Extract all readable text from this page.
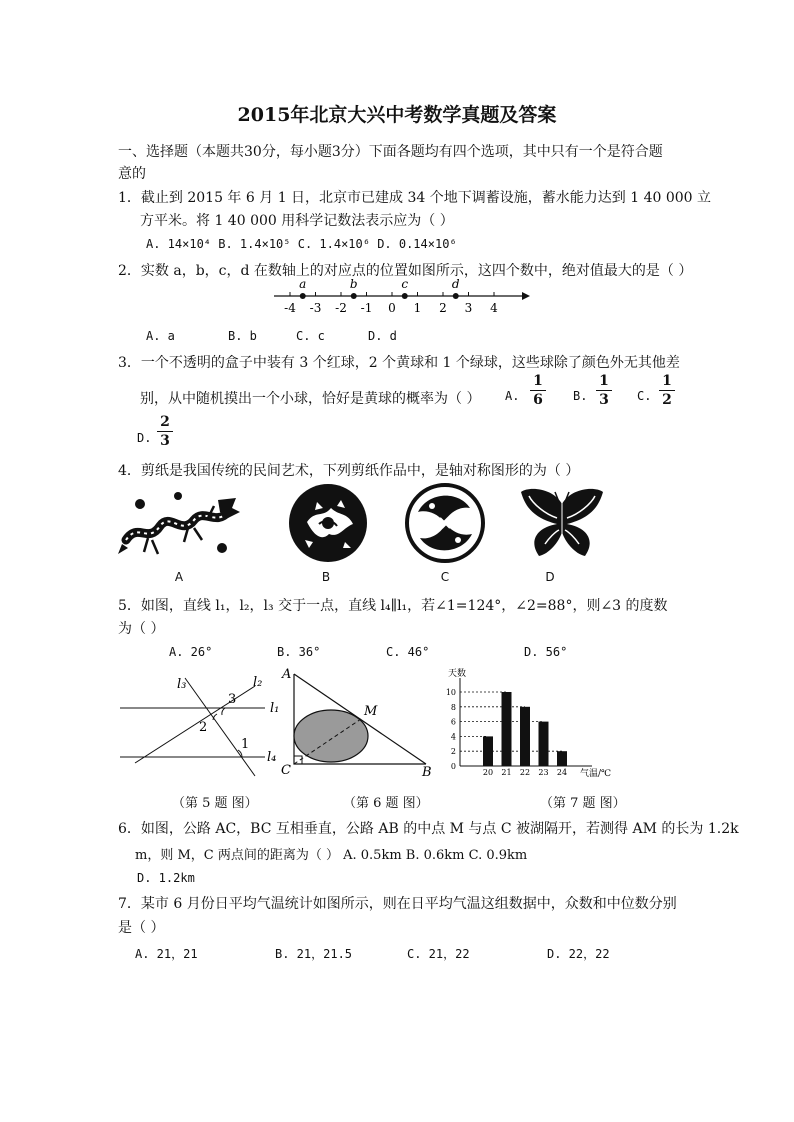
2015年北京大兴中考数学真题及答案
一、选择题（本题共30分，每小题3分）下面各题均有四个选项，其中只有一个是符合题
意的
1．截止到 2015 年 6 月 1 日，北京市已建成 34 个地下调蓄设施，蓄水能力达到 1 40 000 立
方平米。将 1 40 000 用科学记数法表示应为（ ）
A. 14×10⁴ B. 1.4×10⁵ C. 1.4×10⁶ D. 0.14×10⁶
2．实数 a，b，c，d 在数轴上的对应点的位置如图所示，这四个数中，绝对值最大的是（ ）
-4 -3 -2 -1 0 1 2 3 4
a	b	c	d
A. a	B. b	C. c	D. d
3．一个不透明的盒子中装有 3 个红球，2 个黄球和 1 个绿球，这些球除了颜色外无其他差
别，从中随机摸出一个小球，恰好是黄球的概率为（ ） A.
1
6	B.
1
3 C.
1
2
D.
2
3
4．剪纸是我国传统的民间艺术，下列剪纸作品中，是轴对称图形的为（ ）
A	B	C	D
5．如图，直线 l₁，l₂，l₃ 交于一点，直线 l₄∥l₁，若∠1=124°，∠2=88°，则∠3 的度数
为（ ）
A. 26°	B. 36°	C. 46°	D. 56°
l₃	l₂
l₁
l₄
1
2
3
A
M
C	B
天数
0
2
4
6
8
10
20 21 22 23 24 气温/℃
（第 5 题 图）	（第 6 题 图）	（第 7 题 图）
6．如图，公路 AC，BC 互相垂直，公路 AB 的中点 M 与点 C 被湖隔开，若测得 AM 的长为 1.2k
m，则 M，C 两点间的距离为（ ） A. 0.5km B. 0.6km C. 0.9km
D. 1.2km
7．某市 6 月份日平均气温统计如图所示，则在日平均气温这组数据中，众数和中位数分别
是（ ）
A. 21，21	B. 21，21.5	C. 21，22	D. 22，22
